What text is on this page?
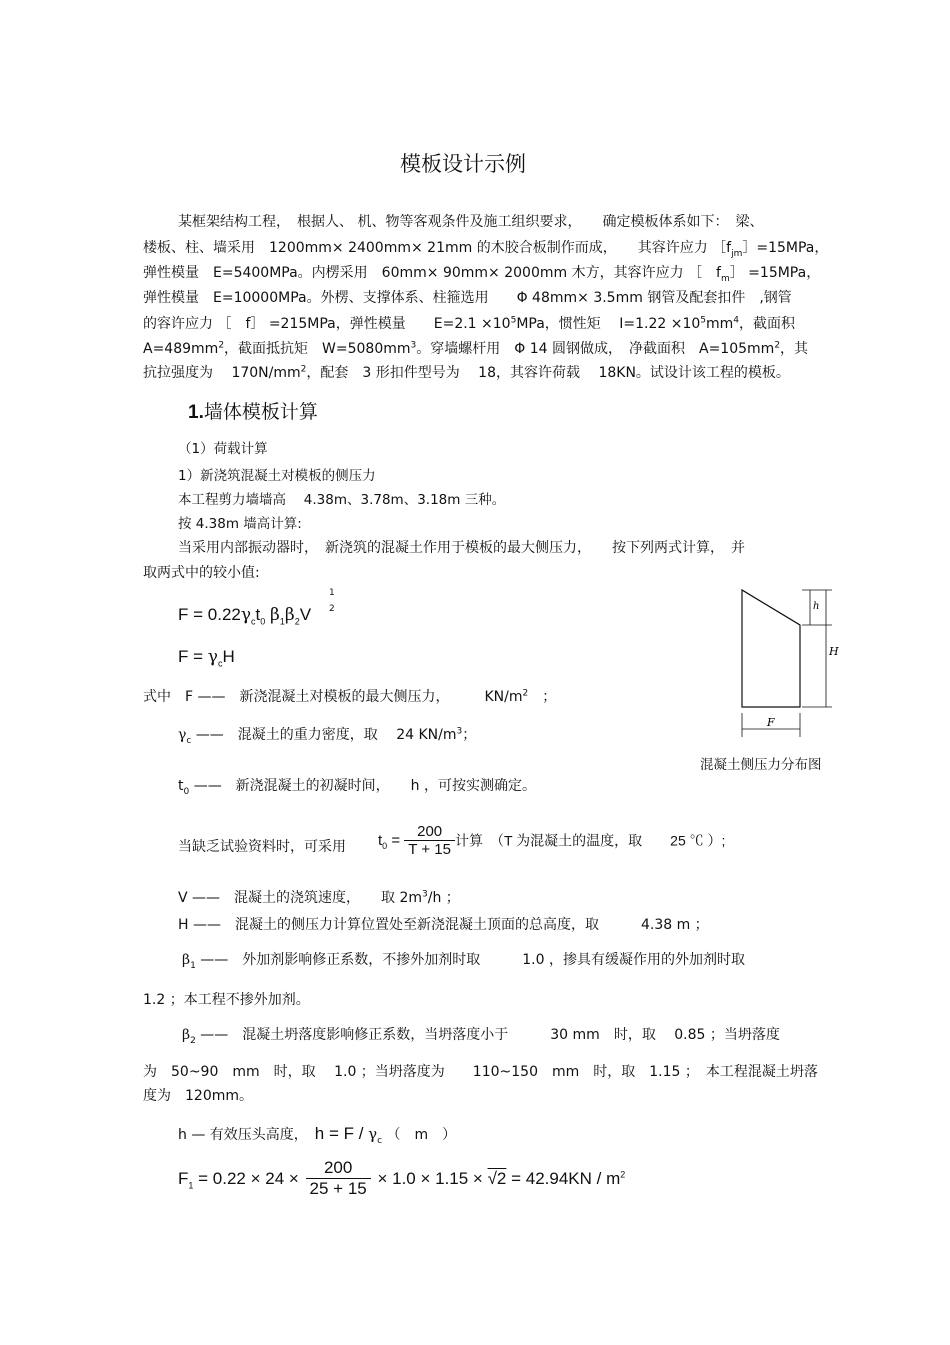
模板设计示例
某框架结构工程，　根据人、 机、物等客观条件及施工组织要求，　　确定模板体系如下：　梁、
楼板、柱、墙采用　1200mm× 2400mm× 21mm 的木胶合板制作而成，　　其容许应力 $[f_{jm}]=15MPa$，
弹性模量　E=5400MPa。内楞采用　60mm× 90mm× 2000mm 木方，其容许应力 ［　$f_m] =15MPa$，
弹性模量　E=10000MPa。外楞、支撑体系、柱箍选用　　Φ 48mm× 3.5mm 钢管及配套扣件　,钢管
的容许应力 ［　f］ =215MPa，弹性模量　　$E=2.1 \times 10^5MPa$，惯性矩　 $I=1.22 \times 10^5mm^4$，截面积
$A=489mm^2$，截面抵抗矩　$W=5080mm^3$。穿墙螺杆用　Φ 14 圆钢做成，　净截面积　$A=105mm^2$，其
抗拉强度为　 $170N/mm^2$，配套　3 形扣件型号为　 18，其容许荷载　 18KN。试设计该工程的模板。
1.墙体模板计算
（1）荷载计算
1）新浇筑混凝土对模板的侧压力
本工程剪力墙墙高　 4.38m、3.78m、3.18m 三种。
按 4.38m 墙高计算:
当采用内部振动器时，　新浇筑的混凝土作用于模板的最大侧压力，　　按下列两式计算，　并
取两式中的较小值:
$F = 0.22\gamma_ct_0$ $\beta_1\beta_2V$
1
2
$F = \gamma_cH$
式中　F ——　新浇混凝土对模板的最大侧压力，　　　$KN/m^2$　；
$\gamma_c$ ——　混凝土的重力密度，取　 24 $KN/m^3$；
$t_0$ ——　新浇混凝土的初凝时间，　　h ，可按实测确定。
当缺乏试验资料时，可采用 $t_0 = \frac{200}{T + 15}$ 计算　（T 为混凝土的温度，取　　25 ℃ ）;
V ——　混凝土的浇筑速度，　　取 $2m^3/h$ ；
H ——　混凝土的侧压力计算位置处至新浇混凝土顶面的总高度，取　　　4.38 m ；
$\beta_1$ ——　外加剂影响修正系数，不掺外加剂时取　　　1.0 ，掺具有缓凝作用的外加剂时取
1.2 ；本工程不掺外加剂。
$\beta_2$ ——　混凝土坍落度影响修正系数，当坍落度小于　　　30 mm　时，取　 0.85 ；当坍落度
为　50~90　mm　时，取　 1.0 ；当坍落度为　　110~150　mm　时，取　1.15 ；　本工程混凝土坍落
度为　120mm。
h — 有效压头高度，　 $h = F / \gamma_c$ （　m　）
$F_1 = 0.22 \times 24 \times \frac{200}{25 + 15} \times 1.0 \times 1.15 \times √2 = 42.94KN / m^2$
h
H
F
混凝土侧压力分布图
